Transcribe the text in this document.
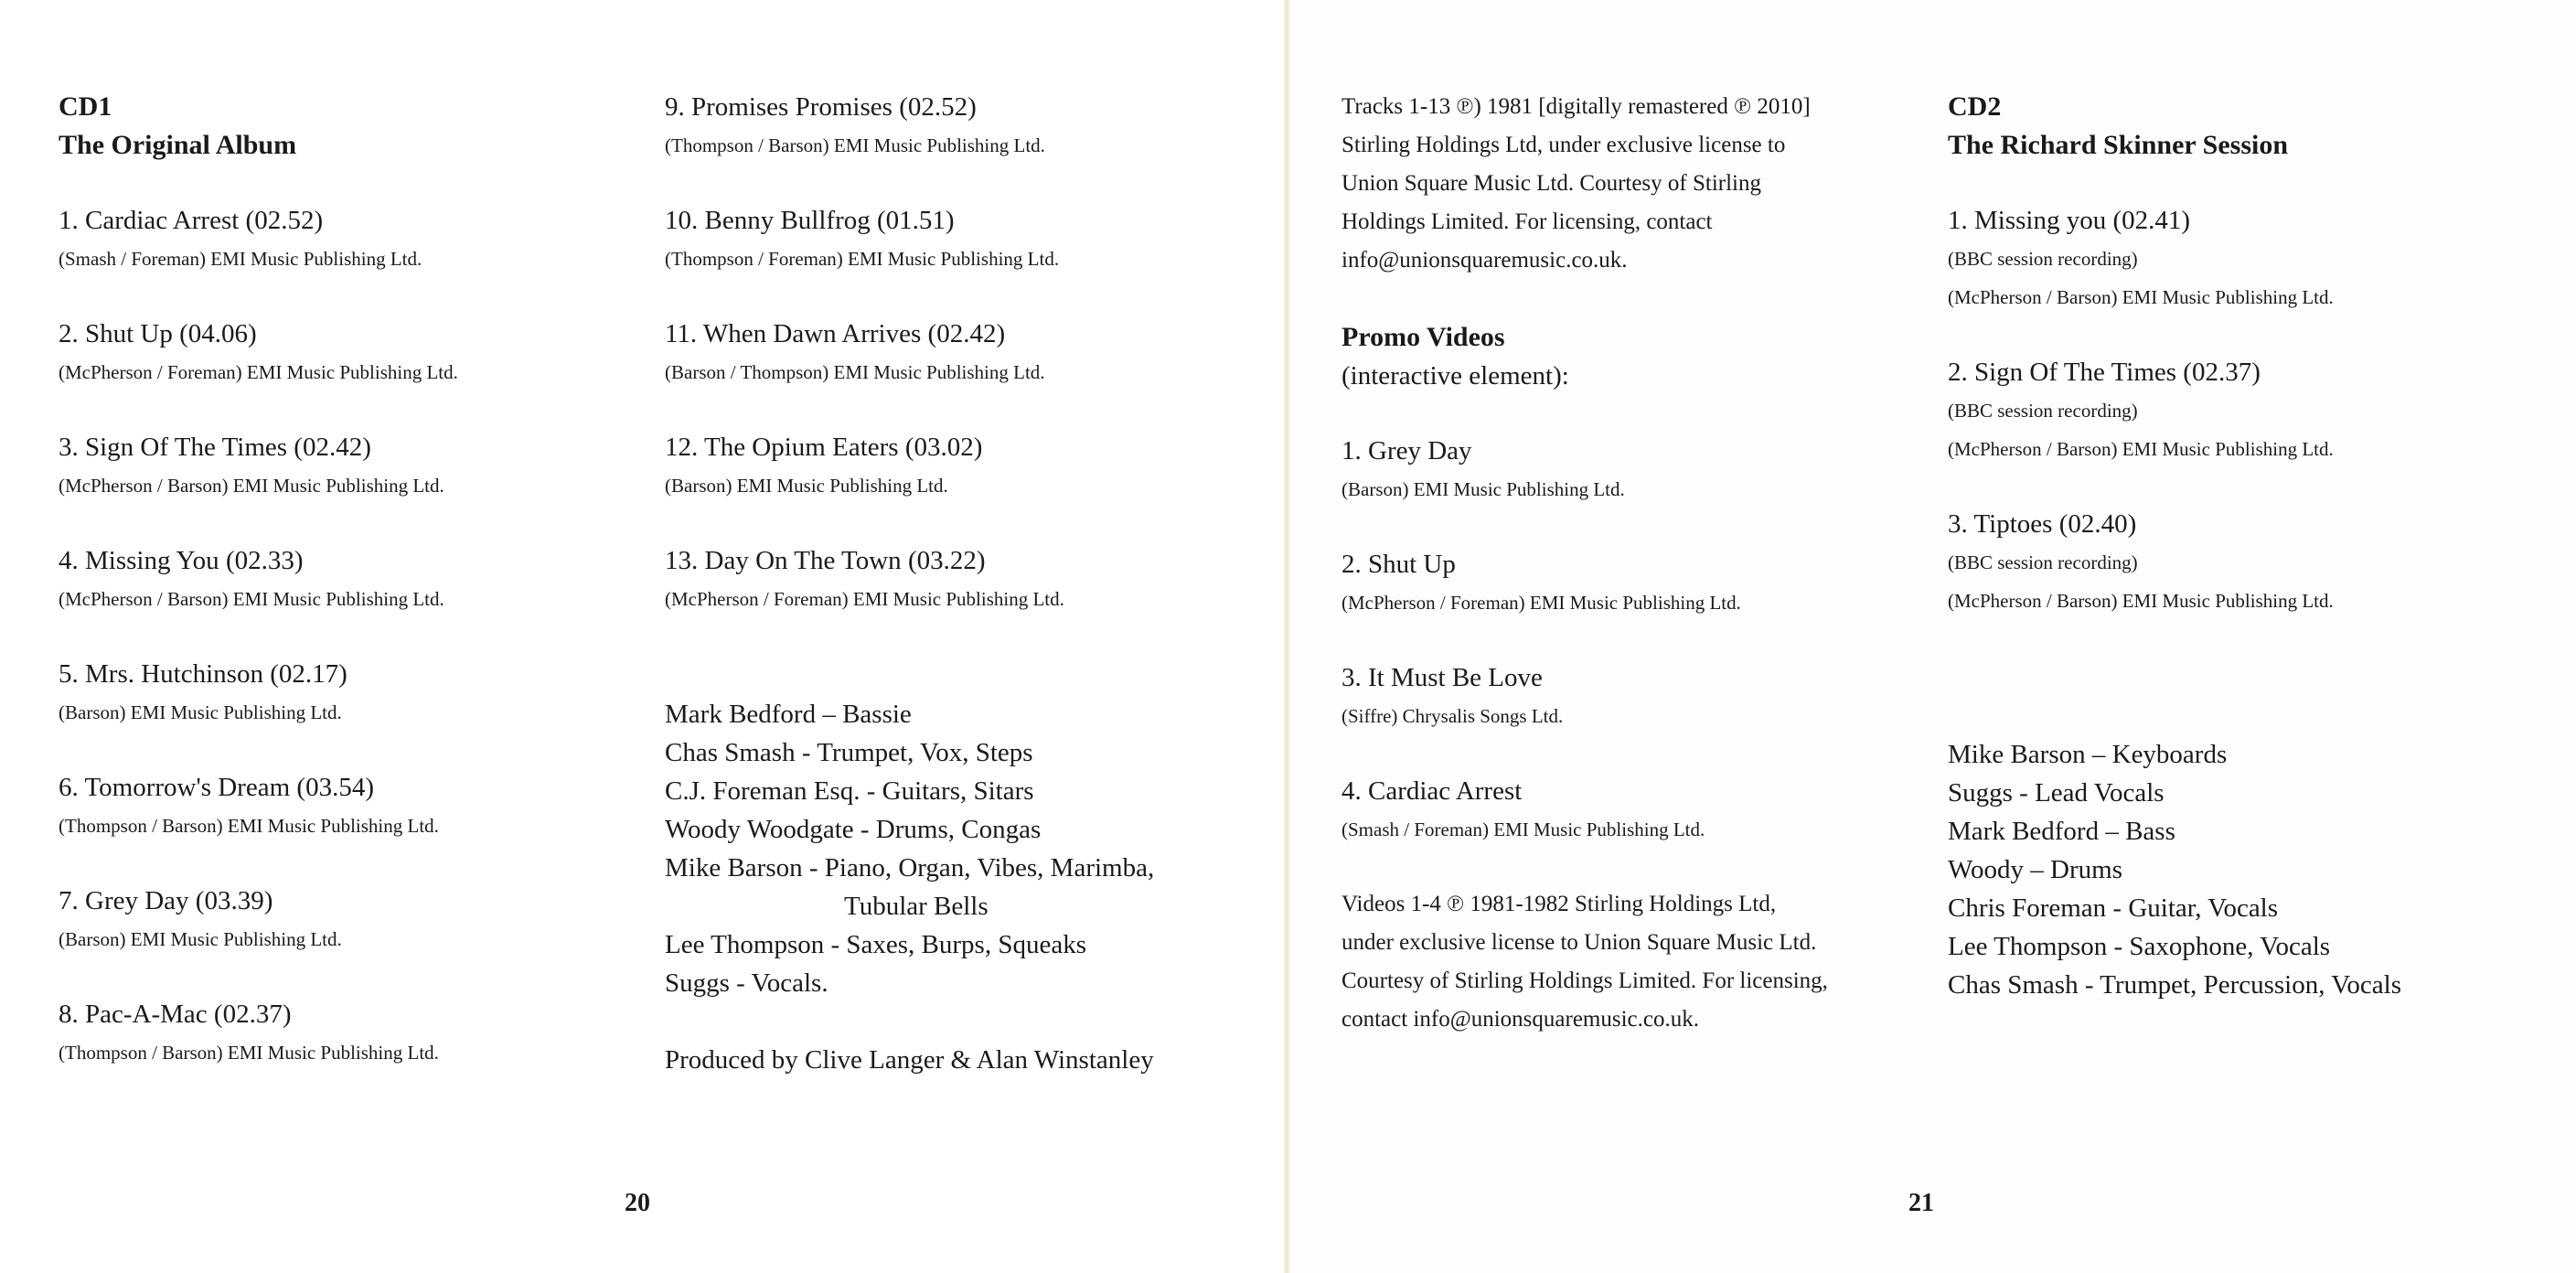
CD1
The Original Album
1. Cardiac Arrest (02.52)
(Smash / Foreman) EMI Music Publishing Ltd.
2. Shut Up (04.06)
(McPherson / Foreman) EMI Music Publishing Ltd.
3. Sign Of The Times (02.42)
(McPherson / Barson) EMI Music Publishing Ltd.
4. Missing You (02.33)
(McPherson / Barson) EMI Music Publishing Ltd.
5. Mrs. Hutchinson (02.17)
(Barson) EMI Music Publishing Ltd.
6. Tomorrow's Dream (03.54)
(Thompson / Barson) EMI Music Publishing Ltd.
7. Grey Day (03.39)
(Barson) EMI Music Publishing Ltd.
8. Pac-A-Mac (02.37)
(Thompson / Barson) EMI Music Publishing Ltd.
9. Promises Promises (02.52)
(Thompson / Barson) EMI Music Publishing Ltd.
10. Benny Bullfrog (01.51)
(Thompson / Foreman) EMI Music Publishing Ltd.
11. When Dawn Arrives (02.42)
(Barson / Thompson) EMI Music Publishing Ltd.
12. The Opium Eaters (03.02)
(Barson) EMI Music Publishing Ltd.
13. Day On The Town (03.22)
(McPherson / Foreman) EMI Music Publishing Ltd.
Mark Bedford – Bassie
Chas Smash - Trumpet, Vox, Steps
C.J. Foreman Esq. - Guitars, Sitars
Woody Woodgate - Drums, Congas
Mike Barson - Piano, Organ, Vibes, Marimba,
Tubular Bells
Lee Thompson - Saxes, Burps, Squeaks
Suggs - Vocals.
Produced by Clive Langer & Alan Winstanley
20
Tracks 1-13 ℗) 1981 [digitally remastered ℗ 2010]
Stirling Holdings Ltd, under exclusive license to
Union Square Music Ltd. Courtesy of Stirling
Holdings Limited. For licensing, contact
info@unionsquaremusic.co.uk.
Promo Videos
(interactive element):
1. Grey Day
(Barson) EMI Music Publishing Ltd.
2. Shut Up
(McPherson / Foreman) EMI Music Publishing Ltd.
3. It Must Be Love
(Siffre) Chrysalis Songs Ltd.
4. Cardiac Arrest
(Smash / Foreman) EMI Music Publishing Ltd.
Videos 1-4 ℗ 1981-1982 Stirling Holdings Ltd,
under exclusive license to Union Square Music Ltd.
Courtesy of Stirling Holdings Limited. For licensing,
contact info@unionsquaremusic.co.uk.
CD2
The Richard Skinner Session
1. Missing you (02.41)
(BBC session recording)
(McPherson / Barson) EMI Music Publishing Ltd.
2. Sign Of The Times (02.37)
(BBC session recording)
(McPherson / Barson) EMI Music Publishing Ltd.
3. Tiptoes (02.40)
(BBC session recording)
(McPherson / Barson) EMI Music Publishing Ltd.
Mike Barson – Keyboards
Suggs - Lead Vocals
Mark Bedford – Bass
Woody – Drums
Chris Foreman - Guitar, Vocals
Lee Thompson - Saxophone, Vocals
Chas Smash - Trumpet, Percussion, Vocals
21
